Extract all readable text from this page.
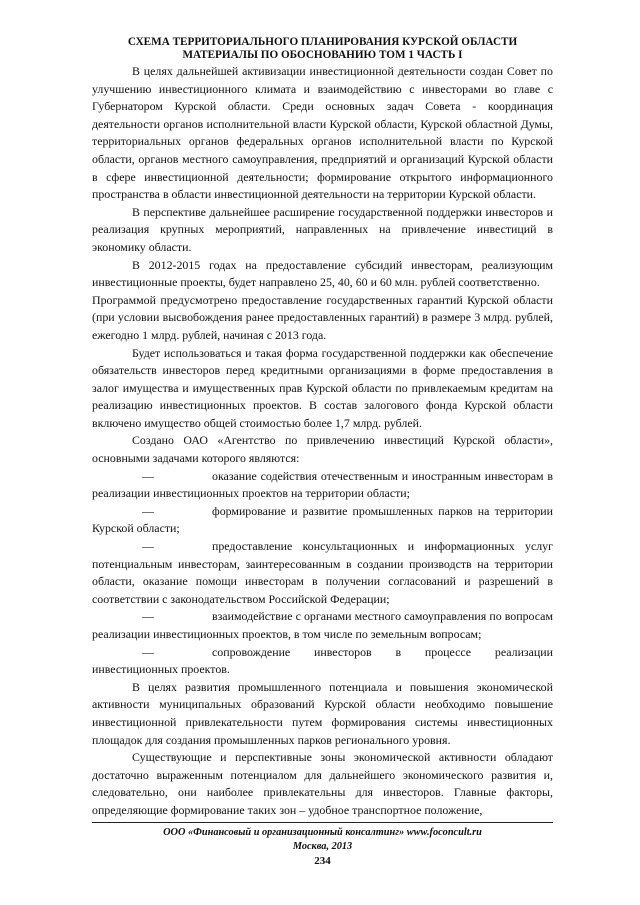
СХЕМА ТЕРРИТОРИАЛЬНОГО ПЛАНИРОВАНИЯ КУРСКОЙ ОБЛАСТИ
МАТЕРИАЛЫ ПО ОБОСНОВАНИЮ ТОМ 1 ЧАСТЬ I

В целях дальнейшей активизации инвестиционной деятельности создан Совет по улучшению инвестиционного климата и взаимодействию с инвесторами во главе с Губернатором Курской области. Среди основных задач Совета - координация деятельности органов исполнительной власти Курской области, Курской областной Думы, территориальных органов федеральных органов исполнительной власти по Курской области, органов местного самоуправления, предприятий и организаций Курской области в сфере инвестиционной деятельности; формирование открытого информационного пространства в области инвестиционной деятельности на территории Курской области.

В перспективе дальнейшее расширение государственной поддержки инвесторов и реализация крупных мероприятий, направленных на привлечение инвестиций в экономику области.

В 2012-2015 годах на предоставление субсидий инвесторам, реализующим инвестиционные проекты, будет направлено 25, 40, 60 и 60 млн. рублей соответственно.

Программой предусмотрено предоставление государственных гарантий Курской области (при условии высвобождения ранее предоставленных гарантий) в размере 3 млрд. рублей, ежегодно 1 млрд. рублей, начиная с 2013 года.

Будет использоваться и такая форма государственной поддержки как обеспечение обязательств инвесторов перед кредитными организациями в форме предоставления в залог имущества и имущественных прав Курской области по привлекаемым кредитам на реализацию инвестиционных проектов. В состав залогового фонда Курской области включено имущество общей стоимостью более 1,7 млрд. рублей.

Создано ОАО «Агентство по привлечению инвестиций Курской области», основными задачами которого являются:

—	оказание содействия отечественным и иностранным инвесторам в реализации инвестиционных проектов на территории области;

—	формирование и развитие промышленных парков на территории Курской области;

—	предоставление консультационных и информационных услуг потенциальным инвесторам, заинтересованным в создании производств на территории области, оказание помощи инвесторам в получении согласований и разрешений в соответствии с законодательством Российской Федерации;

—	взаимодействие с органами местного самоуправления по вопросам реализации инвестиционных проектов, в том числе по земельным вопросам;

—	сопровождение инвесторов в процессе реализации инвестиционных проектов.

В целях развития промышленного потенциала и повышения экономической активности муниципальных образований Курской области необходимо повышение инвестиционной привлекательности путем формирования системы инвестиционных площадок для создания промышленных парков регионального уровня.

Существующие и перспективные зоны экономической активности обладают достаточно выраженным потенциалом для дальнейшего экономического развития и, следовательно, они наиболее привлекательны для инвесторов. Главные факторы, определяющие формирование таких зон – удобное транспортное положение,

ООО «Финансовый и организационный консалтинг» www.foconcult.ru
Москва, 2013
234
